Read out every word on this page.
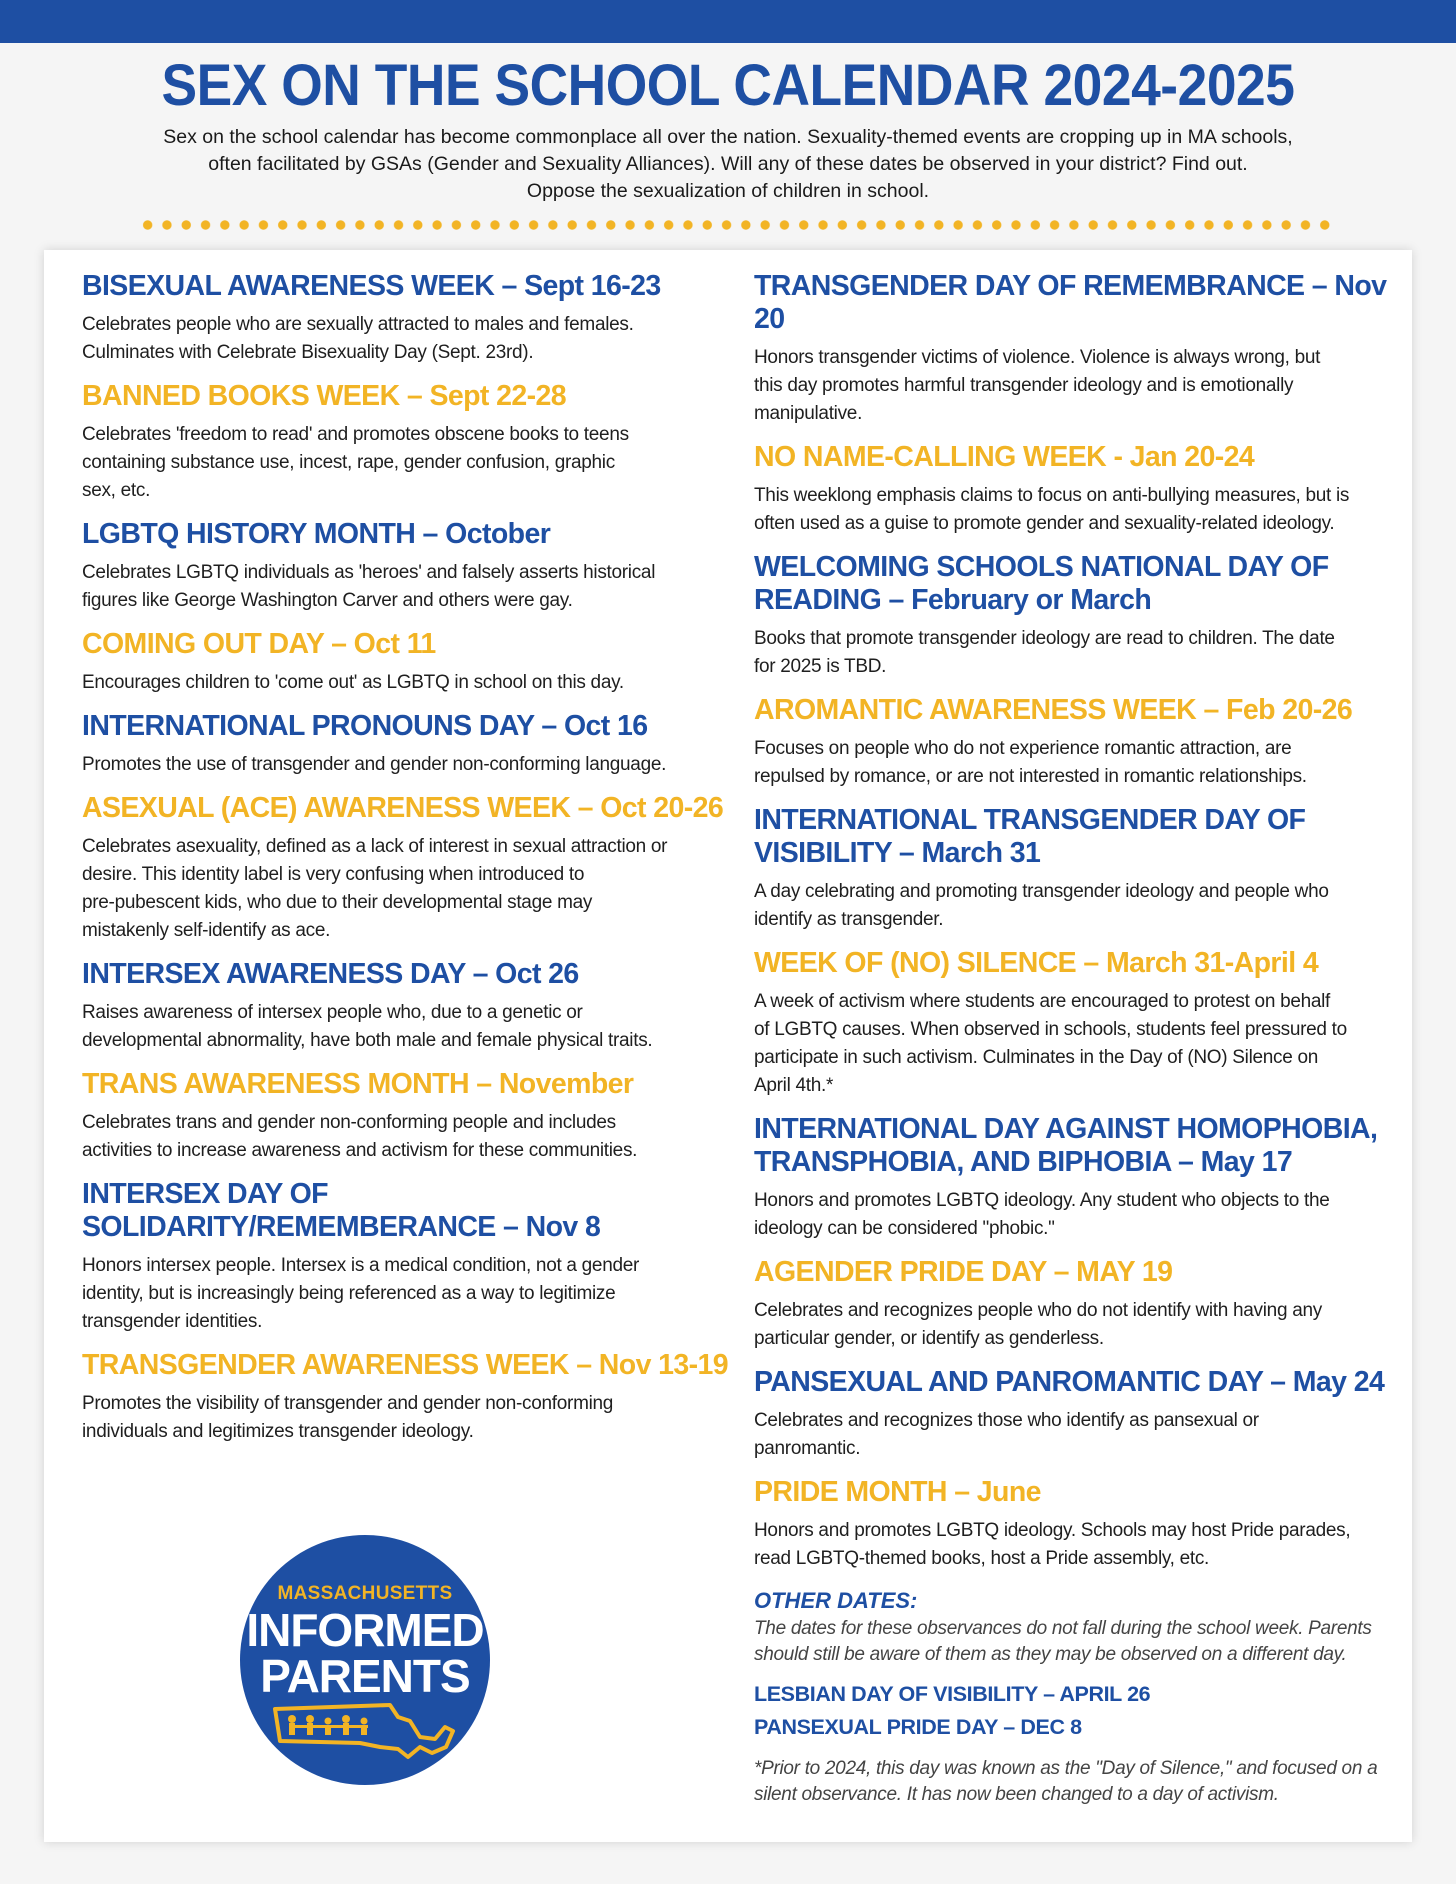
SEX ON THE SCHOOL CALENDAR 2024-2025
Sex on the school calendar has become commonplace all over the nation. Sexuality-themed events are cropping up in MA schools,
often facilitated by GSAs (Gender and Sexuality Alliances). Will any of these dates be observed in your district? Find out.
Oppose the sexualization of children in school.
BISEXUAL AWARENESS WEEK – Sept 16-23
Celebrates people who are sexually attracted to males and females.
Culminates with Celebrate Bisexuality Day (Sept. 23rd).
BANNED BOOKS WEEK – Sept 22-28
Celebrates 'freedom to read' and promotes obscene books to teens
containing substance use, incest, rape, gender confusion, graphic
sex, etc.
LGBTQ HISTORY MONTH – October
Celebrates LGBTQ individuals as 'heroes' and falsely asserts historical
figures like George Washington Carver and others were gay.
COMING OUT DAY – Oct 11
Encourages children to 'come out' as LGBTQ in school on this day.
INTERNATIONAL PRONOUNS DAY – Oct 16
Promotes the use of transgender and gender non-conforming language.
ASEXUAL (ACE) AWARENESS WEEK – Oct 20-26
Celebrates asexuality, defined as a lack of interest in sexual attraction or
desire. This identity label is very confusing when introduced to
pre-pubescent kids, who due to their developmental stage may
mistakenly self-identify as ace.
INTERSEX AWARENESS DAY – Oct 26
Raises awareness of intersex people who, due to a genetic or
developmental abnormality, have both male and female physical traits.
TRANS AWARENESS MONTH – November
Celebrates trans and gender non-conforming people and includes
activities to increase awareness and activism for these communities.
INTERSEX DAY OF SOLIDARITY/REMEMBERANCE – Nov 8
Honors intersex people. Intersex is a medical condition, not a gender
identity, but is increasingly being referenced as a way to legitimize
transgender identities.
TRANSGENDER AWARENESS WEEK – Nov 13-19
Promotes the visibility of transgender and gender non-conforming
individuals and legitimizes transgender ideology.
TRANSGENDER DAY OF REMEMBRANCE – Nov 20
Honors transgender victims of violence. Violence is always wrong, but
this day promotes harmful transgender ideology and is emotionally
manipulative.
NO NAME-CALLING WEEK - Jan 20-24
This weeklong emphasis claims to focus on anti-bullying measures, but is
often used as a guise to promote gender and sexuality-related ideology.
WELCOMING SCHOOLS NATIONAL DAY OF READING – February or March
Books that promote transgender ideology are read to children. The date
for 2025 is TBD.
AROMANTIC AWARENESS WEEK – Feb 20-26
Focuses on people who do not experience romantic attraction, are
repulsed by romance, or are not interested in romantic relationships.
INTERNATIONAL TRANSGENDER DAY OF VISIBILITY – March 31
A day celebrating and promoting transgender ideology and people who
identify as transgender.
WEEK OF (NO) SILENCE – March 31-April 4
A week of activism where students are encouraged to protest on behalf
of LGBTQ causes. When observed in schools, students feel pressured to
participate in such activism. Culminates in the Day of (NO) Silence on
April 4th.*
INTERNATIONAL DAY AGAINST HOMOPHOBIA, TRANSPHOBIA, AND BIPHOBIA – May 17
Honors and promotes LGBTQ ideology. Any student who objects to the
ideology can be considered "phobic."
AGENDER PRIDE DAY – MAY 19
Celebrates and recognizes people who do not identify with having any
particular gender, or identify as genderless.
PANSEXUAL AND PANROMANTIC DAY – May 24
Celebrates and recognizes those who identify as pansexual or
panromantic.
PRIDE MONTH – June
Honors and promotes LGBTQ ideology. Schools may host Pride parades,
read LGBTQ-themed books, host a Pride assembly, etc.
OTHER DATES:
The dates for these observances do not fall during the school week. Parents
should still be aware of them as they may be observed on a different day.
LESBIAN DAY OF VISIBILITY – APRIL 26
PANSEXUAL PRIDE DAY – DEC 8
*Prior to 2024, this day was known as the "Day of Silence," and focused on a
silent observance. It has now been changed to a day of activism.
MASSACHUSETTS
INFORMED
PARENTS
